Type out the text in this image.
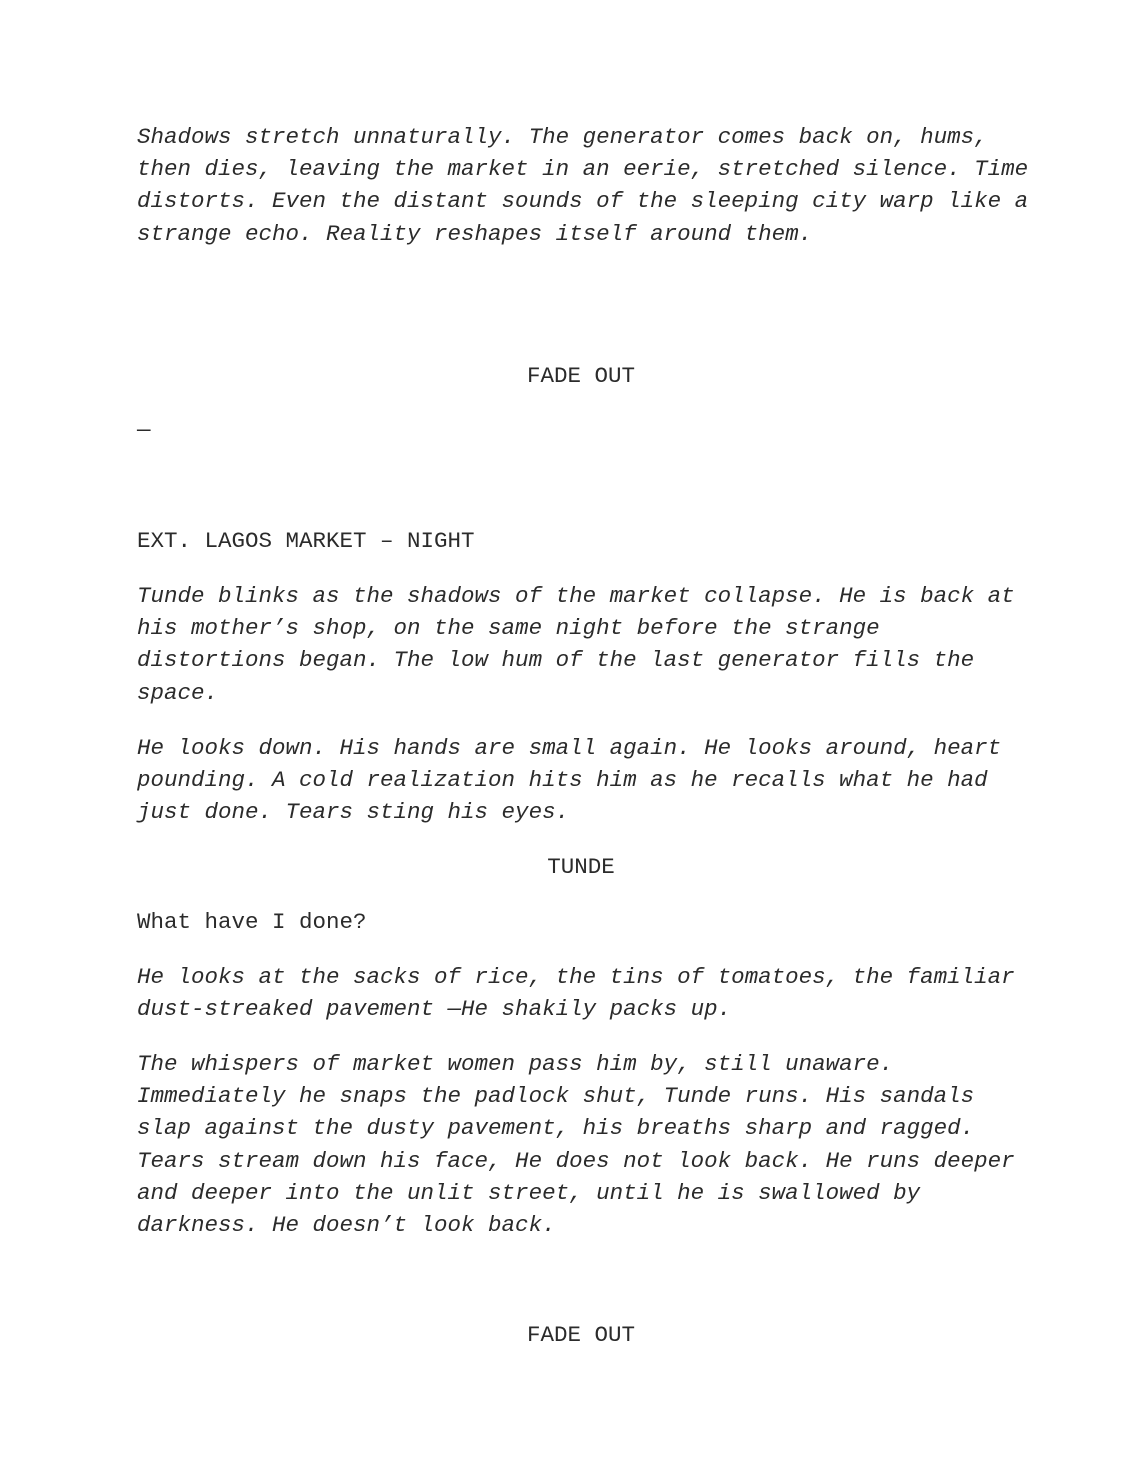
Shadows stretch unnaturally. The generator comes back on, hums, then dies, leaving the market in an eerie, stretched silence. Time distorts. Even the distant sounds of the sleeping city warp like a strange echo. Reality reshapes itself around them.

FADE OUT

—

EXT. LAGOS MARKET – NIGHT

Tunde blinks as the shadows of the market collapse. He is back at his mother’s shop, on the same night before the strange distortions began. The low hum of the last generator fills the space.

He looks down. His hands are small again. He looks around, heart pounding. A cold realization hits him as he recalls what he had just done. Tears sting his eyes.

TUNDE

What have I done?

He looks at the sacks of rice, the tins of tomatoes, the familiar dust-streaked pavement —He shakily packs up.

The whispers of market women pass him by, still unaware. Immediately he snaps the padlock shut, Tunde runs. His sandals slap against the dusty pavement, his breaths sharp and ragged. Tears stream down his face, He does not look back. He runs deeper and deeper into the unlit street, until he is swallowed by darkness. He doesn’t look back.

FADE OUT
